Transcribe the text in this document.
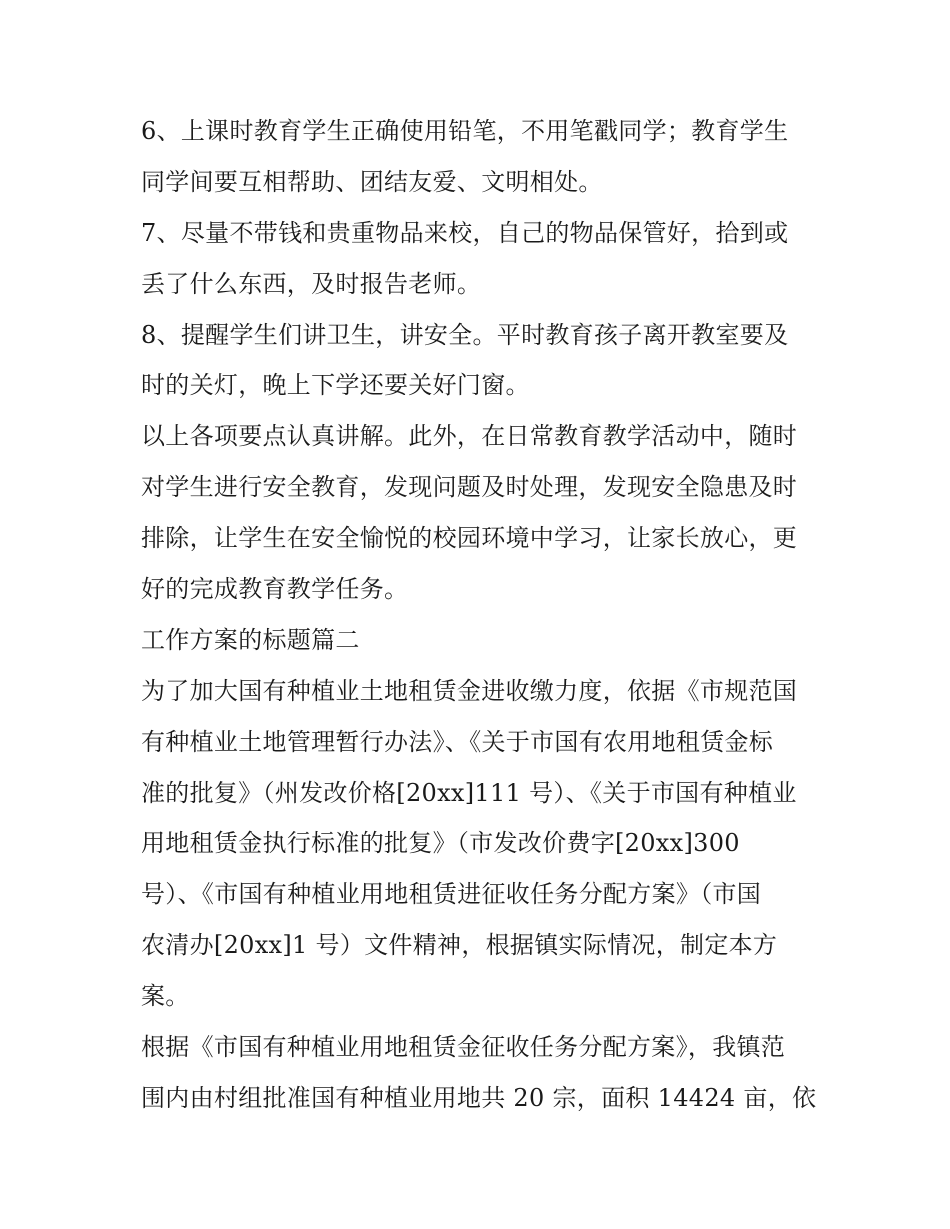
6、上课时教育学生正确使用铅笔，不用笔戳同学；教育学生
同学间要互相帮助、团结友爱、文明相处。
7、尽量不带钱和贵重物品来校，自己的物品保管好，拾到或
丢了什么东西，及时报告老师。
8、提醒学生们讲卫生，讲安全。平时教育孩子离开教室要及
时的关灯，晚上下学还要关好门窗。
以上各项要点认真讲解。此外，在日常教育教学活动中，随时
对学生进行安全教育，发现问题及时处理，发现安全隐患及时
排除，让学生在安全愉悦的校园环境中学习，让家长放心，更
好的完成教育教学任务。
工作方案的标题篇二
为了加大国有种植业土地租赁金进收缴力度，依据《市规范国
有种植业土地管理暂行办法》、《关于市国有农用地租赁金标
准的批复》（州发改价格[20xx]111 号）、《关于市国有种植业
用地租赁金执行标准的批复》（市发改价费字[20xx]300
号）、《市国有种植业用地租赁进征收任务分配方案》（市国
农清办[20xx]1 号）文件精神，根据镇实际情况，制定本方
案。
根据《市国有种植业用地租赁金征收任务分配方案》，我镇范
围内由村组批准国有种植业用地共 20 宗，面积 14424 亩，依
